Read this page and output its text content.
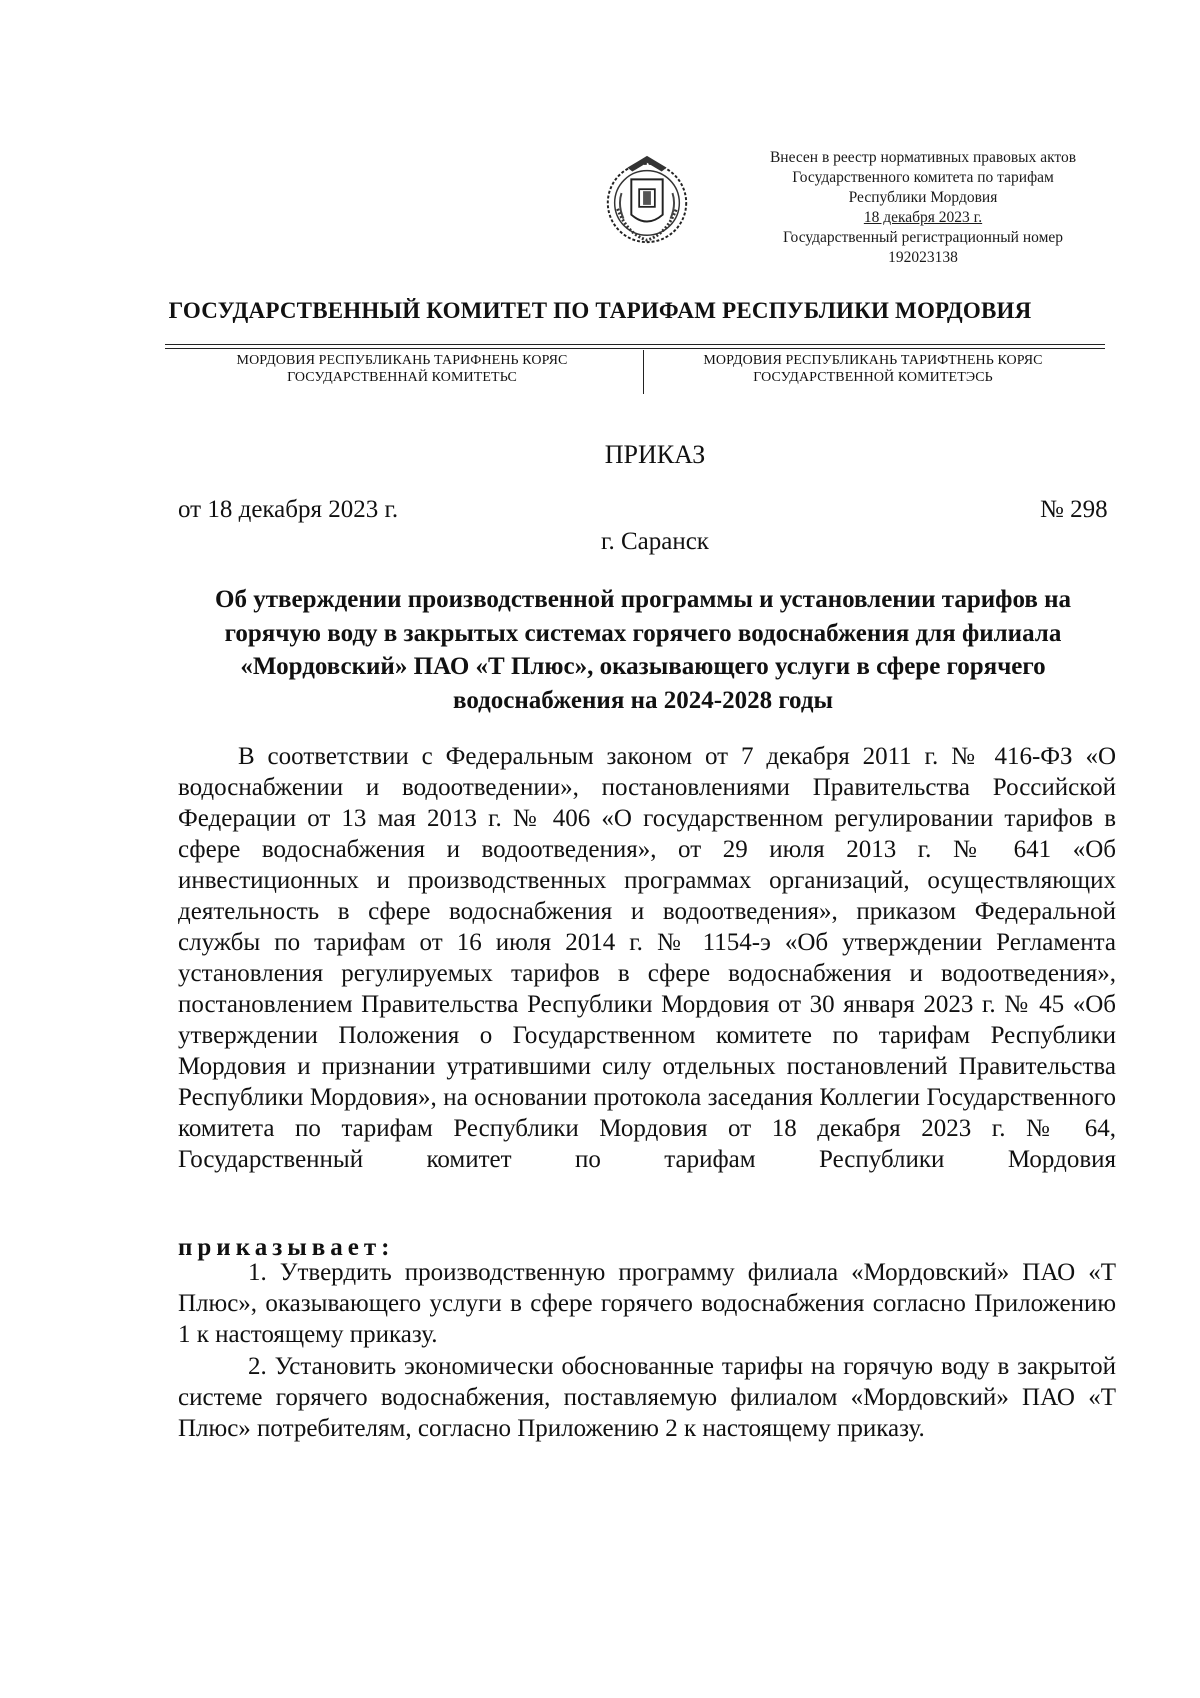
Внесен в реестр нормативных правовых актов
Государственного комитета по тарифам
Республики Мордовия
18 декабря 2023 г.
Государственный регистрационный номер
192023138
ГОСУДАРСТВЕННЫЙ КОМИТЕТ ПО ТАРИФАМ РЕСПУБЛИКИ МОРДОВИЯ
МОРДОВИЯ РЕСПУБЛИКАНЬ ТАРИФНЕНЬ КОРЯС
ГОСУДАРСТВЕННАЙ КОМИТЕТЬС
МОРДОВИЯ РЕСПУБЛИКАНЬ ТАРИФТНЕНЬ КОРЯС
ГОСУДАРСТВЕННОЙ КОМИТЕТЭСЬ
ПРИКАЗ
от 18 декабря 2023 г.	№ 298
г. Саранск
Об утверждении производственной программы и установлении тарифов на горячую воду в закрытых системах горячего водоснабжения для филиала «Мордовский» ПАО «Т Плюс», оказывающего услуги в сфере горячего водоснабжения на 2024-2028 годы
В соответствии с Федеральным законом от 7 декабря 2011 г. № 416-ФЗ «О водоснабжении и водоотведении», постановлениями Правительства Российской Федерации от 13 мая 2013 г. № 406 «О государственном регулировании тарифов в сфере водоснабжения и водоотведения», от 29 июля 2013 г. № 641 «Об инвестиционных и производственных программах организаций, осуществляющих деятельность в сфере водоснабжения и водоотведения», приказом Федеральной службы по тарифам от 16 июля 2014 г. № 1154-э «Об утверждении Регламента установления регулируемых тарифов в сфере водоснабжения и водоотведения», постановлением Правительства Республики Мордовия от 30 января 2023 г. № 45 «Об утверждении Положения о Государственном комитете по тарифам Республики Мордовия и признании утратившими силу отдельных постановлений Правительства Республики Мордовия», на основании протокола заседания Коллегии Государственного комитета по тарифам Республики Мордовия от 18 декабря 2023 г. № 64, Государственный комитет по тарифам Республики Мордовия
приказывает:
1. Утвердить производственную программу филиала «Мордовский» ПАО «Т Плюс», оказывающего услуги в сфере горячего водоснабжения согласно Приложению 1 к настоящему приказу.
2. Установить экономически обоснованные тарифы на горячую воду в закрытой системе горячего водоснабжения, поставляемую филиалом «Мордовский» ПАО «Т Плюс» потребителям, согласно Приложению 2 к настоящему приказу.
